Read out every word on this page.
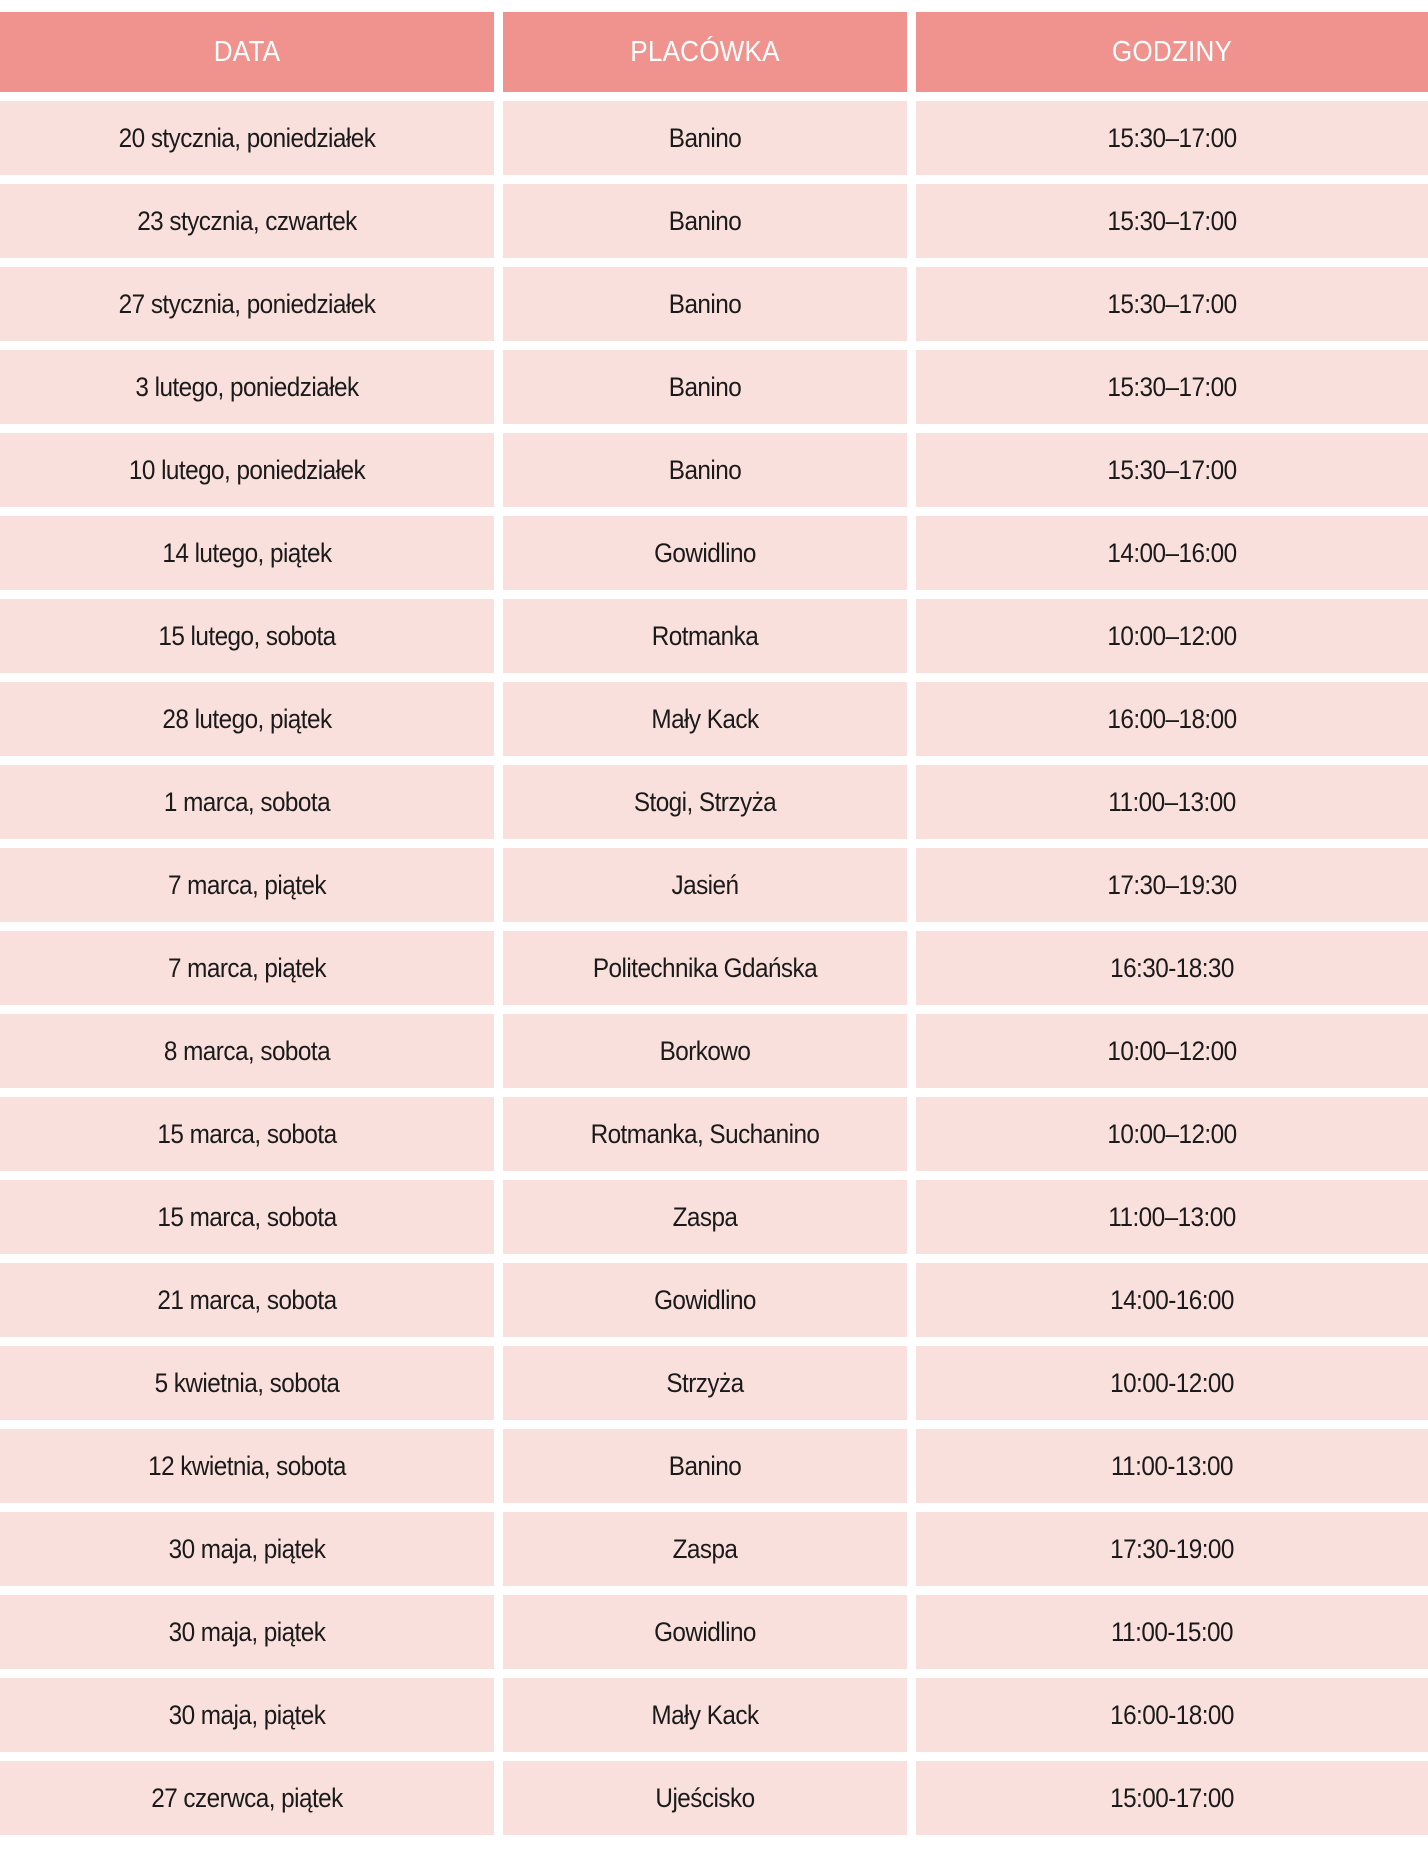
DATA	PLACÓWKA	GODZINY
20 stycznia, poniedziałek	Banino	15:30–17:00
23 stycznia, czwartek	Banino	15:30–17:00
27 stycznia, poniedziałek	Banino	15:30–17:00
3 lutego, poniedziałek	Banino	15:30–17:00
10 lutego, poniedziałek	Banino	15:30–17:00
14 lutego, piątek	Gowidlino	14:00–16:00
15 lutego, sobota	Rotmanka	10:00–12:00
28 lutego, piątek	Mały Kack	16:00–18:00
1 marca, sobota	Stogi, Strzyża	11:00–13:00
7 marca, piątek	Jasień	17:30–19:30
7 marca, piątek	Politechnika Gdańska	16:30-18:30
8 marca, sobota	Borkowo	10:00–12:00
15 marca, sobota	Rotmanka, Suchanino	10:00–12:00
15 marca, sobota	Zaspa	11:00–13:00
21 marca, sobota	Gowidlino	14:00-16:00
5 kwietnia, sobota	Strzyża	10:00-12:00
12 kwietnia, sobota	Banino	11:00-13:00
30 maja, piątek	Zaspa	17:30-19:00
30 maja, piątek	Gowidlino	11:00-15:00
30 maja, piątek	Mały Kack	16:00-18:00
27 czerwca, piątek	Ujeścisko	15:00-17:00
